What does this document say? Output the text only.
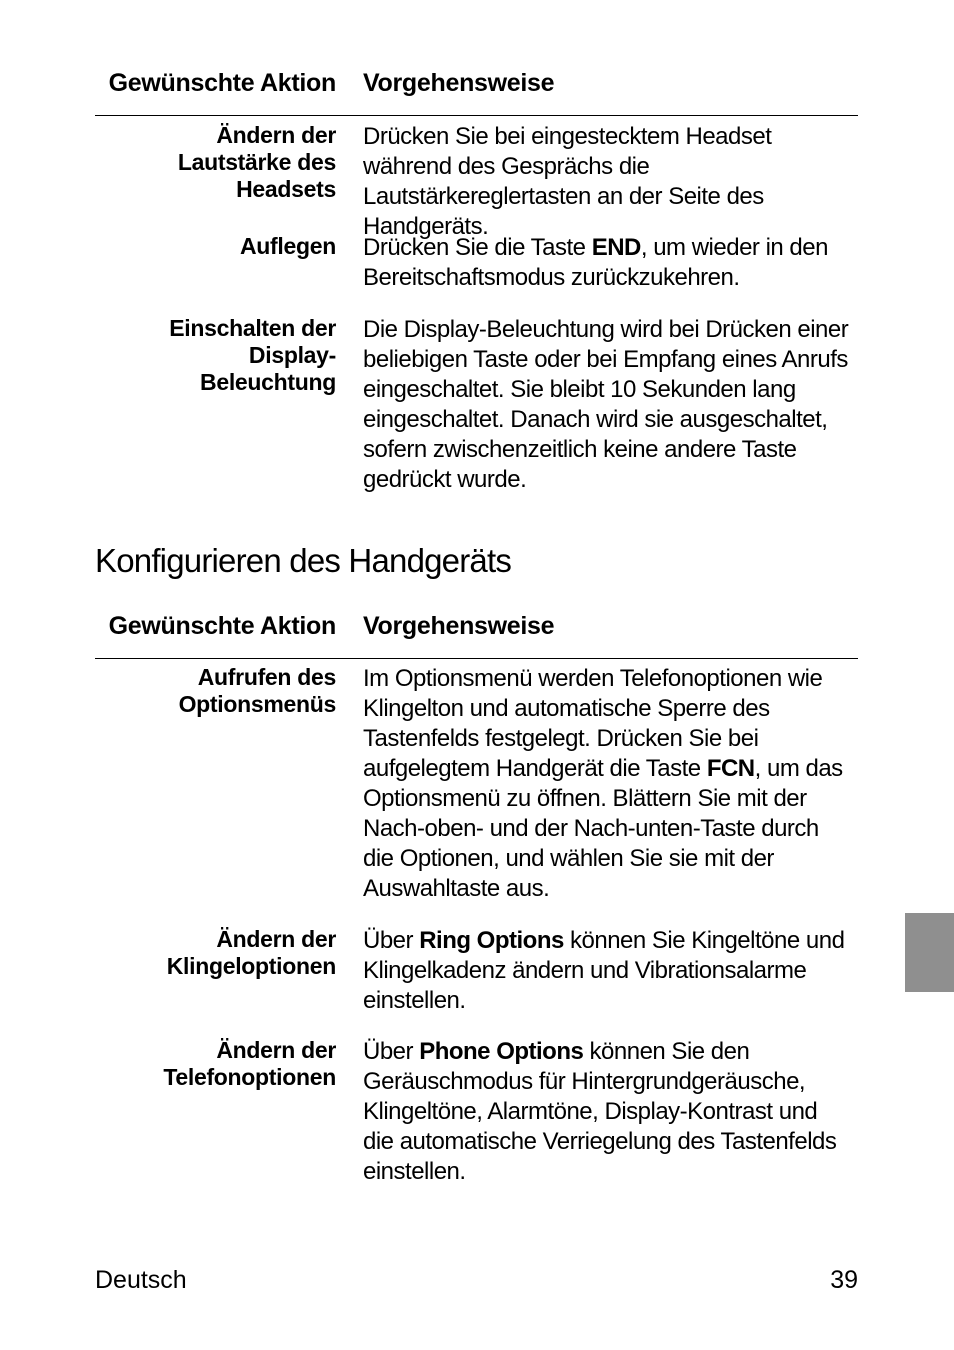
Gewünschte Aktion Vorgehensweise
Ändern der
Lautstärke des
Headsets
Drücken Sie bei eingestecktem Headset während des Gesprächs die Lautstärkereglertasten an der Seite des Handgeräts.
Auflegen Drücken Sie die Taste END, um wieder in den Bereitschaftsmodus zurückzukehren.
Einschalten der
Display-
Beleuchtung
Die Display-Beleuchtung wird bei Drücken einer beliebigen Taste oder bei Empfang eines Anrufs eingeschaltet. Sie bleibt 10 Sekunden lang eingeschaltet. Danach wird sie ausgeschaltet, sofern zwischenzeitlich keine andere Taste gedrückt wurde.
Konfigurieren des Handgeräts
Gewünschte Aktion Vorgehensweise
Aufrufen des
Optionsmenüs
Im Optionsmenü werden Telefonoptionen wie Klingelton und automatische Sperre des Tastenfelds festgelegt. Drücken Sie bei aufgelegtem Handgerät die Taste FCN, um das Optionsmenü zu öffnen. Blättern Sie mit der Nach-oben- und der Nach-unten-Taste durch die Optionen, und wählen Sie sie mit der Auswahltaste aus.
Ändern der
Klingeloptionen
Über Ring Options können Sie Kingeltöne und Klingelkadenz ändern und Vibrationsalarme einstellen.
Ändern der
Telefonoptionen
Über Phone Options können Sie den Geräuschmodus für Hintergrundgeräusche, Klingeltöne, Alarmtöne, Display-Kontrast und die automatische Verriegelung des Tastenfelds einstellen.
Deutsch	39
